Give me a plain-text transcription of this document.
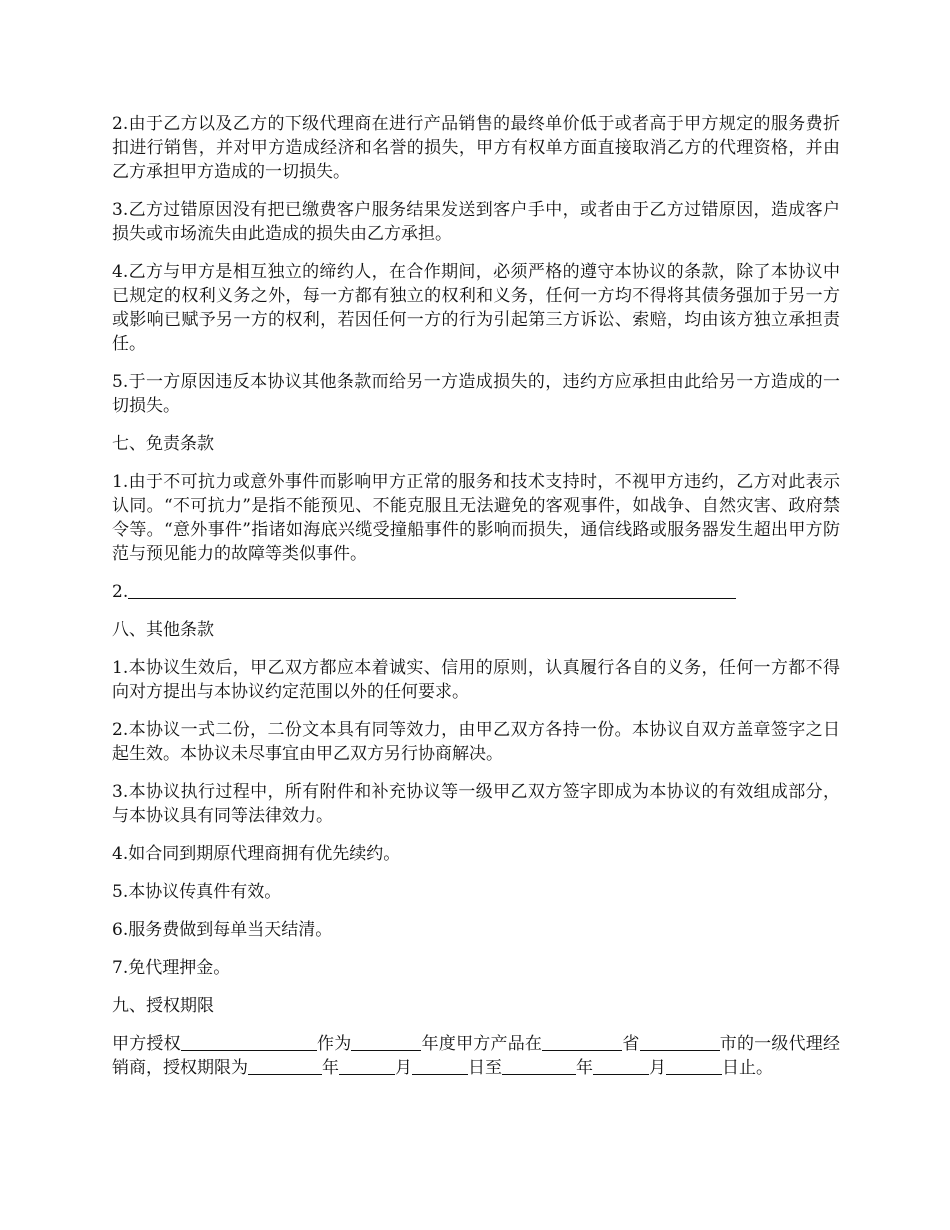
2.由于乙方以及乙方的下级代理商在进行产品销售的最终单价低于或者高于甲方规定的服务费折扣进行销售，并对甲方造成经济和名誉的损失，甲方有权单方面直接取消乙方的代理资格，并由乙方承担甲方造成的一切损失。

3.乙方过错原因没有把已缴费客户服务结果发送到客户手中，或者由于乙方过错原因，造成客户损失或市场流失由此造成的损失由乙方承担。

4.乙方与甲方是相互独立的缔约人，在合作期间，必须严格的遵守本协议的条款，除了本协议中已规定的权利义务之外，每一方都有独立的权利和义务，任何一方均不得将其债务强加于另一方或影响已赋予另一方的权利，若因任何一方的行为引起第三方诉讼、索赔，均由该方独立承担责任。

5.于一方原因违反本协议其他条款而给另一方造成损失的，违约方应承担由此给另一方造成的一切损失。

七、免责条款

1.由于不可抗力或意外事件而影响甲方正常的服务和技术支持时，不视甲方违约，乙方对此表示认同。“不可抗力”是指不能预见、不能克服且无法避免的客观事件，如战争、自然灾害、政府禁令等。“意外事件”指诸如海底兴缆受撞船事件的影响而损失，通信线路或服务器发生超出甲方防范与预见能力的故障等类似事件。

2.

八、其他条款

1.本协议生效后，甲乙双方都应本着诚实、信用的原则，认真履行各自的义务，任何一方都不得向对方提出与本协议约定范围以外的任何要求。

2.本协议一式二份，二份文本具有同等效力，由甲乙双方各持一份。本协议自双方盖章签字之日起生效。本协议未尽事宜由甲乙双方另行协商解决。

3.本协议执行过程中，所有附件和补充协议等一级甲乙双方签字即成为本协议的有效组成部分，与本协议具有同等法律效力。

4.如合同到期原代理商拥有优先续约。

5.本协议传真件有效。

6.服务费做到每单当天结清。

7.免代理押金。

九、授权期限

甲方授权	作为	年度甲方产品在	省	市的一级代理经销商，授权期限为	年	月	日至	年	月	日止。
